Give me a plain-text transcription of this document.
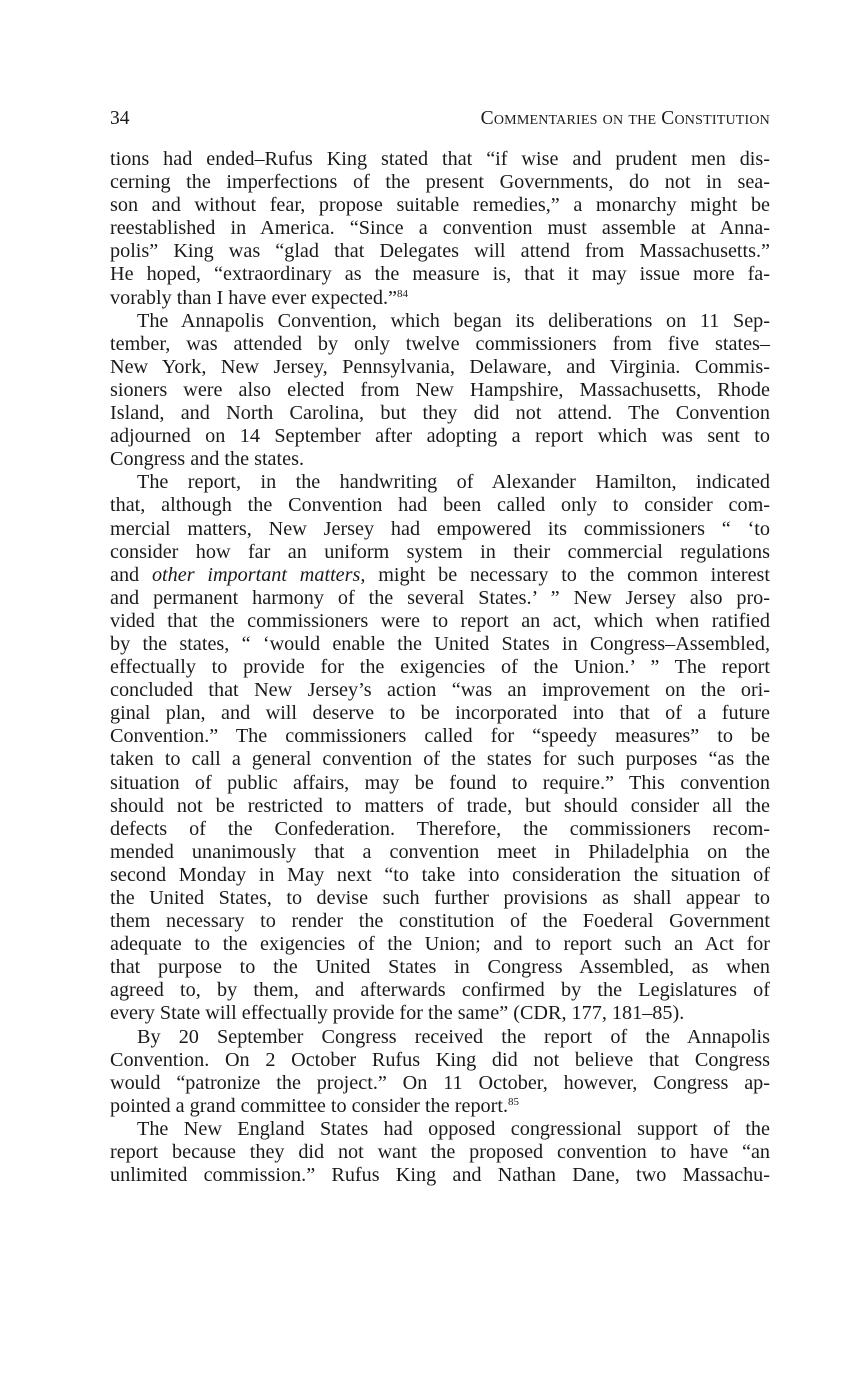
34	Commentaries on the Constitution

tions had ended–Rufus King stated that “if wise and prudent men dis-
cerning the imperfections of the present Governments, do not in sea-
son and without fear, propose suitable remedies,” a monarchy might be
reestablished in America. “Since a convention must assemble at Anna-
polis” King was “glad that Delegates will attend from Massachusetts.”
He hoped, “extraordinary as the measure is, that it may issue more fa-
vorably than I have ever expected.”$^{84}$

The Annapolis Convention, which began its deliberations on 11 Sep-
tember, was attended by only twelve commissioners from five states–
New York, New Jersey, Pennsylvania, Delaware, and Virginia. Commis-
sioners were also elected from New Hampshire, Massachusetts, Rhode
Island, and North Carolina, but they did not attend. The Convention
adjourned on 14 September after adopting a report which was sent to
Congress and the states.

The report, in the handwriting of Alexander Hamilton, indicated
that, although the Convention had been called only to consider com-
mercial matters, New Jersey had empowered its commissioners “ ‘to
consider how far an uniform system in their commercial regulations
and other important matters, might be necessary to the common interest
and permanent harmony of the several States.’ ” New Jersey also pro-
vided that the commissioners were to report an act, which when ratified
by the states, “ ‘would enable the United States in Congress–Assembled,
effectually to provide for the exigencies of the Union.’ ” The report
concluded that New Jersey’s action “was an improvement on the ori-
ginal plan, and will deserve to be incorporated into that of a future
Convention.” The commissioners called for “speedy measures” to be
taken to call a general convention of the states for such purposes “as the
situation of public affairs, may be found to require.” This convention
should not be restricted to matters of trade, but should consider all the
defects of the Confederation. Therefore, the commissioners recom-
mended unanimously that a convention meet in Philadelphia on the
second Monday in May next “to take into consideration the situation of
the United States, to devise such further provisions as shall appear to
them necessary to render the constitution of the Foederal Government
adequate to the exigencies of the Union; and to report such an Act for
that purpose to the United States in Congress Assembled, as when
agreed to, by them, and afterwards confirmed by the Legislatures of
every State will effectually provide for the same” (CDR, 177, 181–85).

By 20 September Congress received the report of the Annapolis
Convention. On 2 October Rufus King did not believe that Congress
would “patronize the project.” On 11 October, however, Congress ap-
pointed a grand committee to consider the report.$^{85}$

The New England States had opposed congressional support of the
report because they did not want the proposed convention to have “an
unlimited commission.” Rufus King and Nathan Dane, two Massachu-
